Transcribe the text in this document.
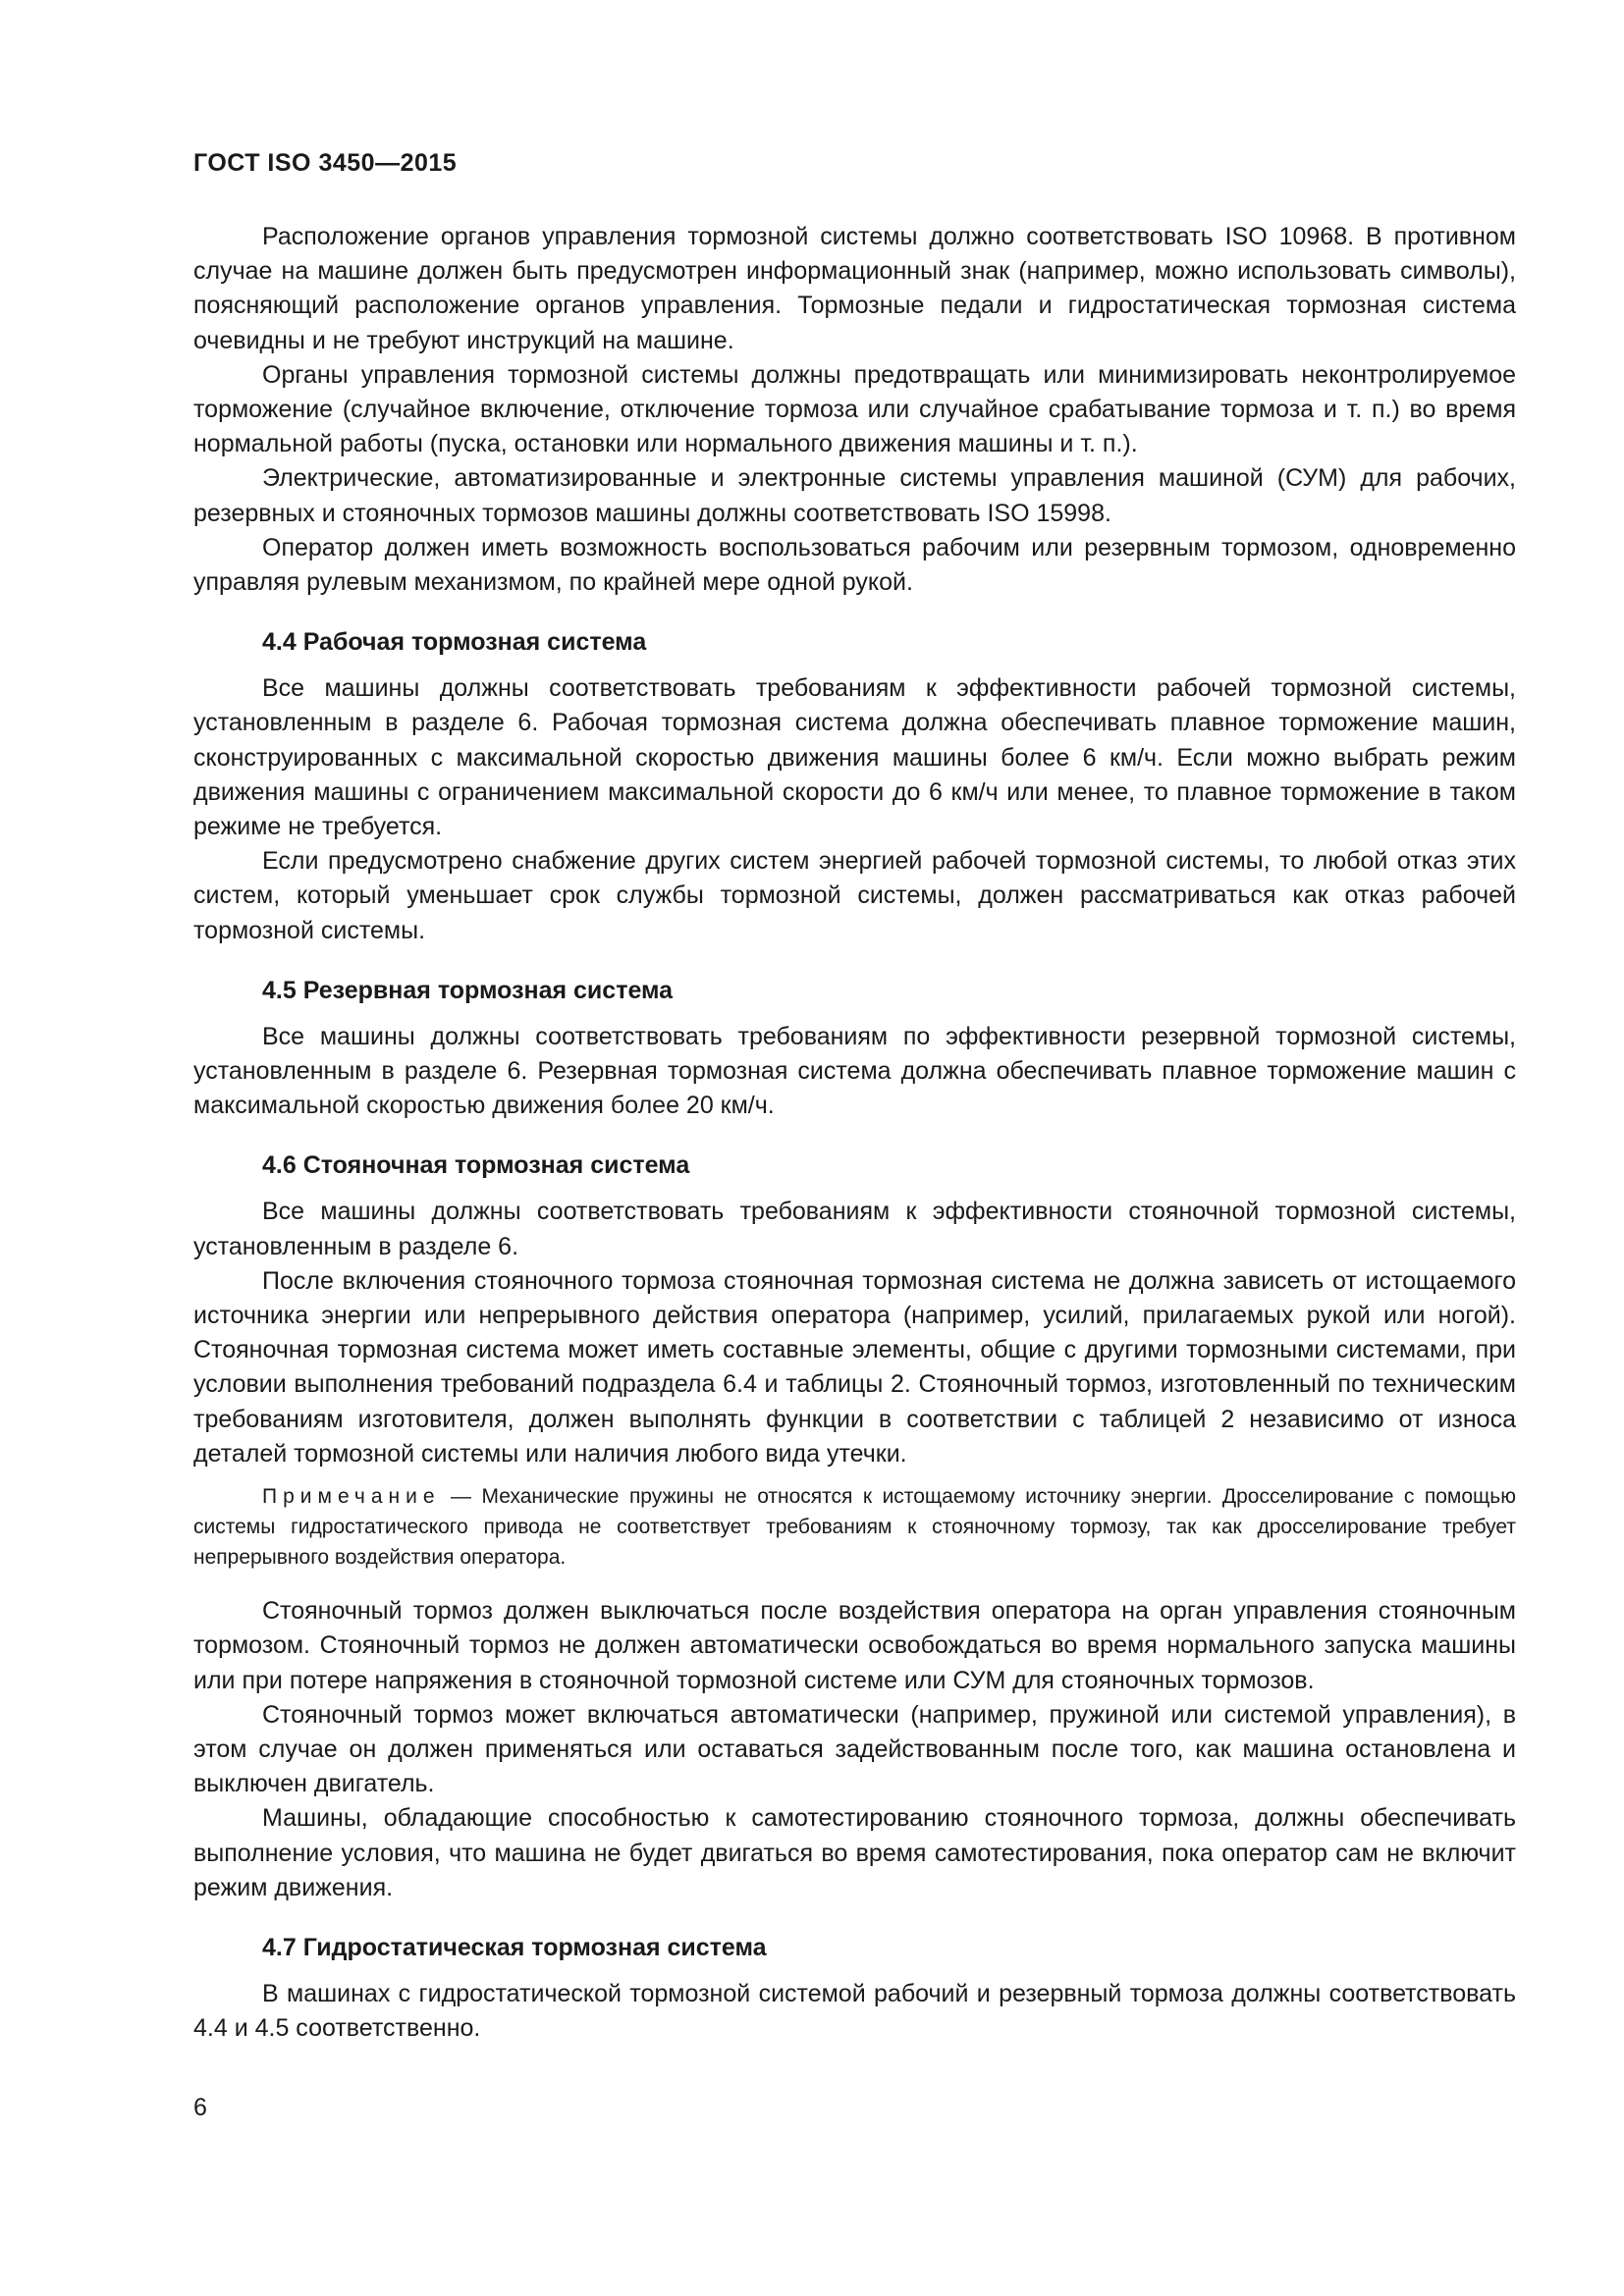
ГОСТ ISO 3450—2015

Расположение органов управления тормозной системы должно соответствовать ISO 10968. В противном случае на машине должен быть предусмотрен информационный знак (например, можно использовать символы), поясняющий расположение органов управления. Тормозные педали и гидростатическая тормозная система очевидны и не требуют инструкций на машине.

Органы управления тормозной системы должны предотвращать или минимизировать неконтролируемое торможение (случайное включение, отключение тормоза или случайное срабатывание тормоза и т. п.) во время нормальной работы (пуска, остановки или нормального движения машины и т. п.).

Электрические, автоматизированные и электронные системы управления машиной (СУМ) для рабочих, резервных и стояночных тормозов машины должны соответствовать ISO 15998.

Оператор должен иметь возможность воспользоваться рабочим или резервным тормозом, одновременно управляя рулевым механизмом, по крайней мере одной рукой.

4.4 Рабочая тормозная система

Все машины должны соответствовать требованиям к эффективности рабочей тормозной системы, установленным в разделе 6. Рабочая тормозная система должна обеспечивать плавное торможение машин, сконструированных с максимальной скоростью движения машины более 6 км/ч. Если можно выбрать режим движения машины с ограничением максимальной скорости до 6 км/ч или менее, то плавное торможение в таком режиме не требуется.

Если предусмотрено снабжение других систем энергией рабочей тормозной системы, то любой отказ этих систем, который уменьшает срок службы тормозной системы, должен рассматриваться как отказ рабочей тормозной системы.

4.5 Резервная тормозная система

Все машины должны соответствовать требованиям по эффективности резервной тормозной системы, установленным в разделе 6. Резервная тормозная система должна обеспечивать плавное торможение машин с максимальной скоростью движения более 20 км/ч.

4.6 Стояночная тормозная система

Все машины должны соответствовать требованиям к эффективности стояночной тормозной системы, установленным в разделе 6.

После включения стояночного тормоза стояночная тормозная система не должна зависеть от истощаемого источника энергии или непрерывного действия оператора (например, усилий, прилагаемых рукой или ногой). Стояночная тормозная система может иметь составные элементы, общие с другими тормозными системами, при условии выполнения требований подраздела 6.4 и таблицы 2. Стояночный тормоз, изготовленный по техническим требованиям изготовителя, должен выполнять функции в соответствии с таблицей 2 независимо от износа деталей тормозной системы или наличия любого вида утечки.

Примечание — Механические пружины не относятся к истощаемому источнику энергии. Дросселирование с помощью системы гидростатического привода не соответствует требованиям к стояночному тормозу, так как дросселирование требует непрерывного воздействия оператора.

Стояночный тормоз должен выключаться после воздействия оператора на орган управления стояночным тормозом. Стояночный тормоз не должен автоматически освобождаться во время нормального запуска машины или при потере напряжения в стояночной тормозной системе или СУМ для стояночных тормозов.

Стояночный тормоз может включаться автоматически (например, пружиной или системой управления), в этом случае он должен применяться или оставаться задействованным после того, как машина остановлена и выключен двигатель.

Машины, обладающие способностью к самотестированию стояночного тормоза, должны обеспечивать выполнение условия, что машина не будет двигаться во время самотестирования, пока оператор сам не включит режим движения.

4.7 Гидростатическая тормозная система

В машинах с гидростатической тормозной системой рабочий и резервный тормоза должны соответствовать 4.4 и 4.5 соответственно.

6
